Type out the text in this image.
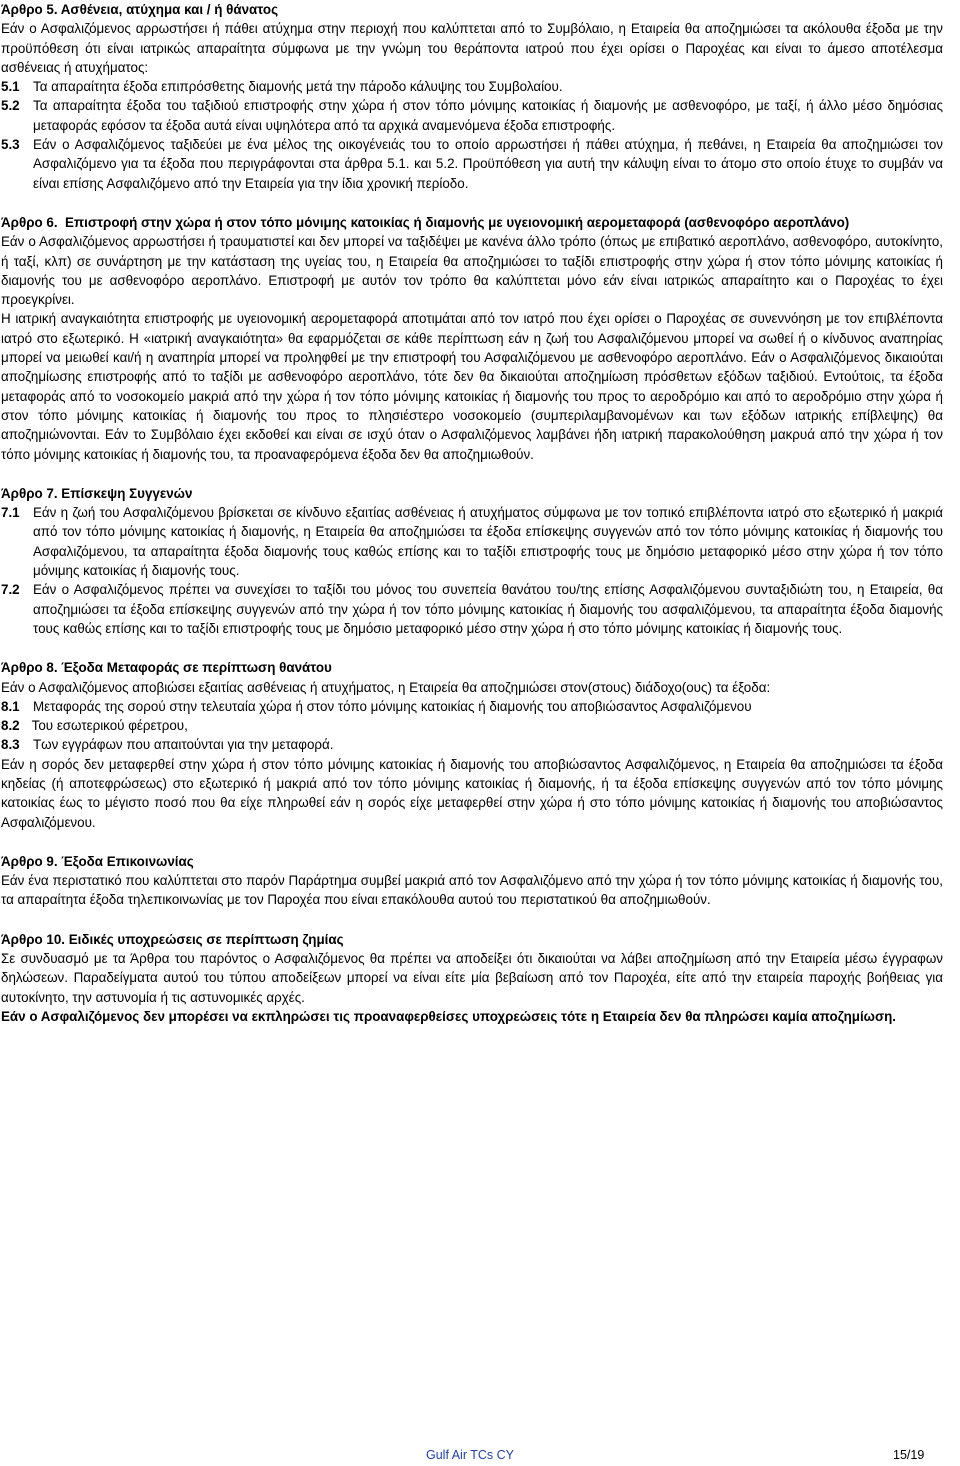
Άρθρο 5. Ασθένεια, ατύχημα και / ή θάνατος

Εάν ο Ασφαλιζόμενος αρρωστήσει ή πάθει ατύχημα στην περιοχή που καλύπτεται από το Συμβόλαιο, η Εταιρεία θα αποζημιώσει τα ακόλουθα έξοδα με την προϋπόθεση ότι είναι ιατρικώς απαραίτητα σύμφωνα με την γνώμη του θεράποντα ιατρού που έχει ορίσει ο Παροχέας και είναι το άμεσο αποτέλεσμα ασθένειας ή ατυχήματος:

5.1 Τα απαραίτητα έξοδα επιπρόσθετης διαμονής μετά την πάροδο κάλυψης του Συμβολαίου.
5.2 Τα απαραίτητα έξοδα του ταξιδιού επιστροφής στην χώρα ή στον τόπο μόνιμης κατοικίας ή διαμονής με ασθενοφόρο, με ταξί, ή άλλο μέσο δημόσιας μεταφοράς εφόσον τα έξοδα αυτά είναι υψηλότερα από τα αρχικά αναμενόμενα έξοδα επιστροφής.
5.3 Εάν ο Ασφαλιζόμενος ταξιδεύει με ένα μέλος της οικογένειάς του το οποίο αρρωστήσει ή πάθει ατύχημα, ή πεθάνει, η Εταιρεία θα αποζημιώσει τον Ασφαλιζόμενο για τα έξοδα που περιγράφονται στα άρθρα 5.1. και 5.2. Προϋπόθεση για αυτή την κάλυψη είναι το άτομο στο οποίο έτυχε το συμβάν να είναι επίσης Ασφαλιζόμενο από την Εταιρεία για την ίδια χρονική περίοδο.

Άρθρο 6. Επιστροφή στην χώρα ή στον τόπο μόνιμης κατοικίας ή διαμονής με υγειονομική αερομεταφορά (ασθενοφόρο αεροπλάνο)

Εάν ο Ασφαλιζόμενος αρρωστήσει ή τραυματιστεί και δεν μπορεί να ταξιδέψει με κανένα άλλο τρόπο (όπως με επιβατικό αεροπλάνο, ασθενοφόρο, αυτοκίνητο, ή ταξί, κλπ) σε συνάρτηση με την κατάσταση της υγείας του, η Εταιρεία θα αποζημιώσει το ταξίδι επιστροφής στην χώρα ή στον τόπο μόνιμης κατοικίας ή διαμονής του με ασθενοφόρο αεροπλάνο. Επιστροφή με αυτόν τον τρόπο θα καλύπτεται μόνο εάν είναι ιατρικώς απαραίτητο και ο Παροχέας το έχει προεγκρίνει.

Η ιατρική αναγκαιότητα επιστροφής με υγειονομική αερομεταφορά αποτιμάται από τον ιατρό που έχει ορίσει ο Παροχέας σε συνεννόηση με τον επιβλέποντα ιατρό στο εξωτερικό. Η «ιατρική αναγκαιότητα» θα εφαρμόζεται σε κάθε περίπτωση εάν η ζωή του Ασφαλιζόμενου μπορεί να σωθεί ή ο κίνδυνος αναπηρίας μπορεί να μειωθεί και/ή η αναπηρία μπορεί να προληφθεί με την επιστροφή του Ασφαλιζόμενου με ασθενοφόρο αεροπλάνο. Εάν ο Ασφαλιζόμενος δικαιούται αποζημίωσης επιστροφής από το ταξίδι με ασθενοφόρο αεροπλάνο, τότε δεν θα δικαιούται αποζημίωση πρόσθετων εξόδων ταξιδιού. Εντούτοις, τα έξοδα μεταφοράς από το νοσοκομείο μακριά από την χώρα ή τον τόπο μόνιμης κατοικίας ή διαμονής του προς το αεροδρόμιο και από το αεροδρόμιο στην χώρα ή στον τόπο μόνιμης κατοικίας ή διαμονής του προς το πλησιέστερο νοσοκομείο (συμπεριλαμβανομένων και των εξόδων ιατρικής επίβλεψης) θα αποζημιώνονται. Εάν το Συμβόλαιο έχει εκδοθεί και είναι σε ισχύ όταν ο Ασφαλιζόμενος λαμβάνει ήδη ιατρική παρακολούθηση μακρυά από την χώρα ή τον τόπο μόνιμης κατοικίας ή διαμονής του, τα προαναφερόμενα έξοδα δεν θα αποζημιωθούν.

Άρθρο 7. Επίσκεψη Συγγενών

7.1 Εάν η ζωή του Ασφαλιζόμενου βρίσκεται σε κίνδυνο εξαιτίας ασθένειας ή ατυχήματος σύμφωνα με τον τοπικό επιβλέποντα ιατρό στο εξωτερικό ή μακριά από τον τόπο μόνιμης κατοικίας ή διαμονής, η Εταιρεία θα αποζημιώσει τα έξοδα επίσκεψης συγγενών από τον τόπο μόνιμης κατοικίας ή διαμονής του Ασφαλιζόμενου, τα απαραίτητα έξοδα διαμονής τους καθώς επίσης και το ταξίδι επιστροφής τους με δημόσιο μεταφορικό μέσο στην χώρα ή τον τόπο μόνιμης κατοικίας ή διαμονής τους.
7.2 Εάν ο Ασφαλιζόμενος πρέπει να συνεχίσει το ταξίδι του μόνος του συνεπεία θανάτου του/της επίσης Ασφαλιζόμενου συνταξιδιώτη του, η Εταιρεία, θα αποζημιώσει τα έξοδα επίσκεψης συγγενών από την χώρα ή τον τόπο μόνιμης κατοικίας ή διαμονής του ασφαλιζόμενου, τα απαραίτητα έξοδα διαμονής τους καθώς επίσης και το ταξίδι επιστροφής τους με δημόσιο μεταφορικό μέσο στην χώρα ή στο τόπο μόνιμης κατοικίας ή διαμονής τους.

Άρθρο 8. Έξοδα Μεταφοράς σε περίπτωση θανάτου

Εάν ο Ασφαλιζόμενος αποβιώσει εξαιτίας ασθένειας ή ατυχήματος, η Εταιρεία θα αποζημιώσει στον(στους) διάδοχο(ους) τα έξοδα:

8.1 Μεταφοράς της σορού στην τελευταία χώρα ή στον τόπο μόνιμης κατοικίας ή διαμονής του αποβιώσαντος Ασφαλιζόμενου
8.2 Του εσωτερικού φέρετρου,
8.3 Των εγγράφων που απαιτούνται για την μεταφορά.

Εάν η σορός δεν μεταφερθεί στην χώρα ή στον τόπο μόνιμης κατοικίας ή διαμονής του αποβιώσαντος Ασφαλιζόμενος, η Εταιρεία θα αποζημιώσει τα έξοδα κηδείας (ή αποτεφρώσεως) στο εξωτερικό ή μακριά από τον τόπο μόνιμης κατοικίας ή διαμονής, ή τα έξοδα επίσκεψης συγγενών από τον τόπο μόνιμης κατοικίας έως το μέγιστο ποσό που θα είχε πληρωθεί εάν η σορός είχε μεταφερθεί στην χώρα ή στο τόπο μόνιμης κατοικίας ή διαμονής του αποβιώσαντος Ασφαλιζόμενου.

Άρθρο 9. Έξοδα Επικοινωνίας

Εάν ένα περιστατικό που καλύπτεται στο παρόν Παράρτημα συμβεί μακριά από τον Ασφαλιζόμενο από την χώρα ή τον τόπο μόνιμης κατοικίας ή διαμονής του, τα απαραίτητα έξοδα τηλεπικοινωνίας με τον Παροχέα που είναι επακόλουθα αυτού του περιστατικού θα αποζημιωθούν.

Άρθρο 10. Ειδικές υποχρεώσεις σε περίπτωση ζημίας

Σε συνδυασμό με τα Άρθρα του παρόντος ο Ασφαλιζόμενος θα πρέπει να αποδείξει ότι δικαιούται να λάβει αποζημίωση από την Εταιρεία μέσω έγγραφων δηλώσεων. Παραδείγματα αυτού του τύπου αποδείξεων μπορεί να είναι είτε μία βεβαίωση από τον Παροχέα, είτε από την εταιρεία παροχής βοήθειας για αυτοκίνητο, την αστυνομία ή τις αστυνομικές αρχές.

Εάν ο Ασφαλιζόμενος δεν μπορέσει να εκπληρώσει τις προαναφερθείσες υποχρεώσεις τότε η Εταιρεία δεν θα πληρώσει καμία αποζημίωση.

Gulf Air TCs CY	15/19
